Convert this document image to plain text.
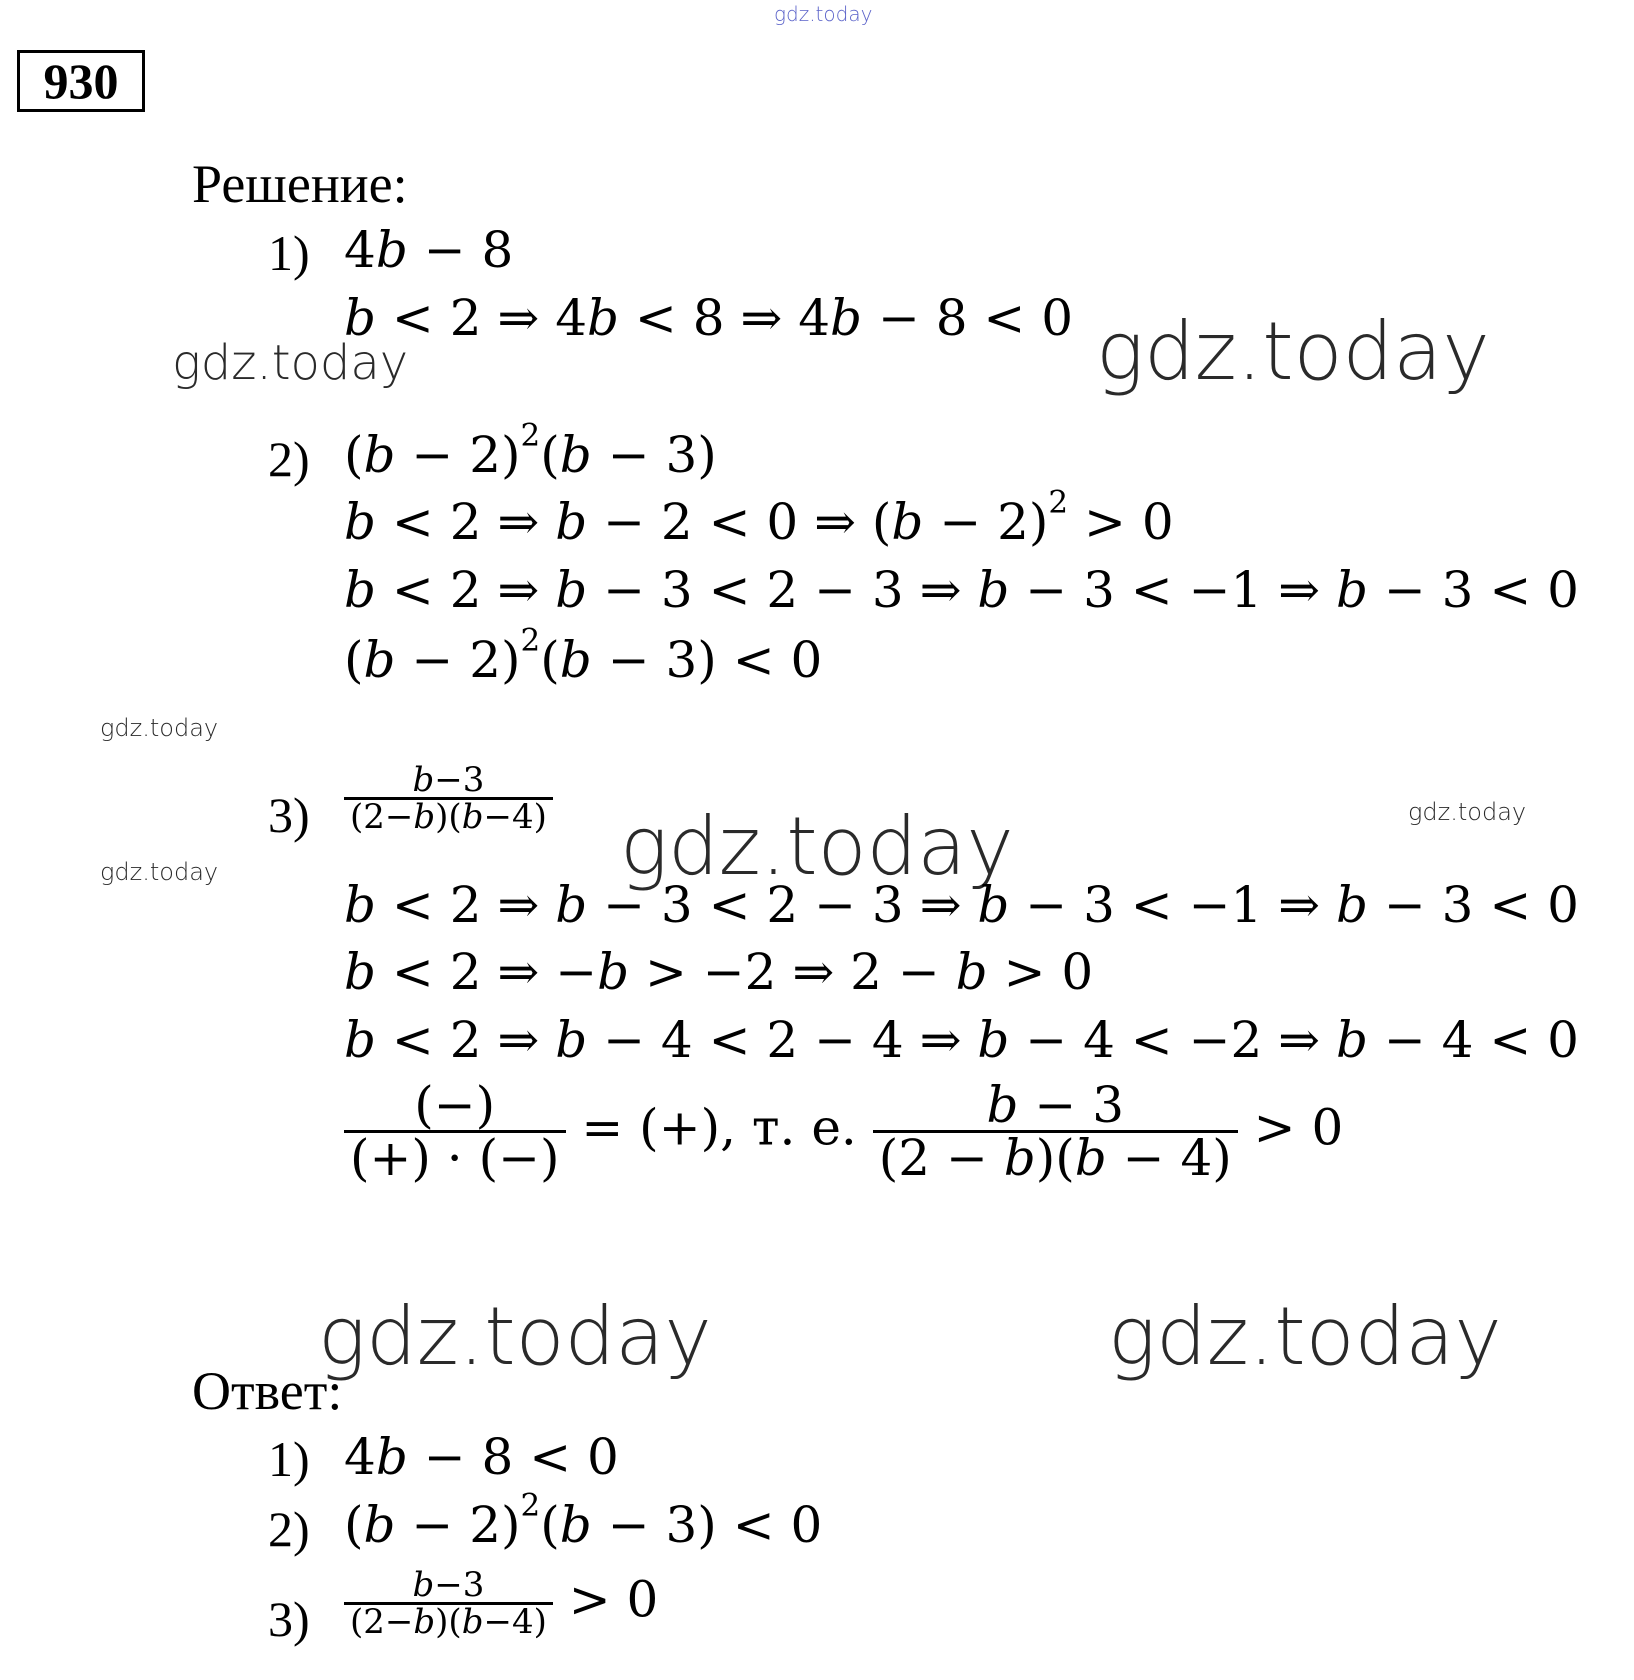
gdz.today
930
Решение:
1) 4b − 8
b < 2 ⇒ 4b < 8 ⇒ 4b − 8 < 0
gdz.today	gdz.today
2) $(b - 2)^2(b - 3)$
b < 2 ⇒ b − 2 < 0 ⇒ $(b - 2)^2 > 0$
b < 2 ⇒ b − 3 < 2 − 3 ⇒ b − 3 < −1 ⇒ b − 3 < 0
$(b - 2)^2(b - 3) < 0$
gdz.today
$3) \frac{b-3}{(2-b)(b-4)}$
gdz.today	gdz.today
gdz.today
b < 2 ⇒ b − 3 < 2 − 3 ⇒ b − 3 < −1 ⇒ b − 3 < 0
b < 2 ⇒ −b > −2 ⇒ 2 − b > 0
b < 2 ⇒ b − 4 < 2 − 4 ⇒ b − 4 < −2 ⇒ b − 4 < 0
$\frac{(-)}{(+) \cdot (-)}$ = (+), т. е. $\frac{b - 3}{(2 - b)(b - 4)} > 0$
gdz.today	gdz.today
Ответ:
1) 4b − 8 < 0
2) $(b - 2)^2(b - 3) < 0$
$3) \frac{b-3}{(2-b)(b-4)} > 0$
